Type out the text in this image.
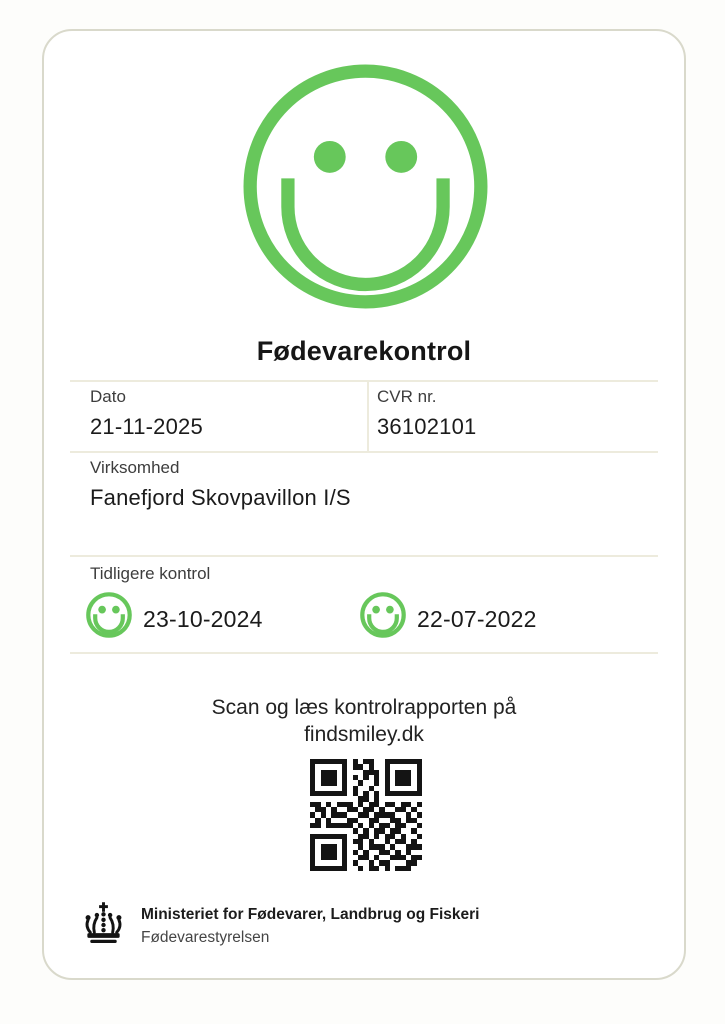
Fødevarekontrol
Dato
21-11-2025
CVR nr.
36102101
Virksomhed
Fanefjord Skovpavillon I/S
Tidligere kontrol
23-10-2024	22-07-2022
Scan og læs kontrolrapporten på
findsmiley.dk
Ministeriet for Fødevarer, Landbrug og Fiskeri
Fødevarestyrelsen
